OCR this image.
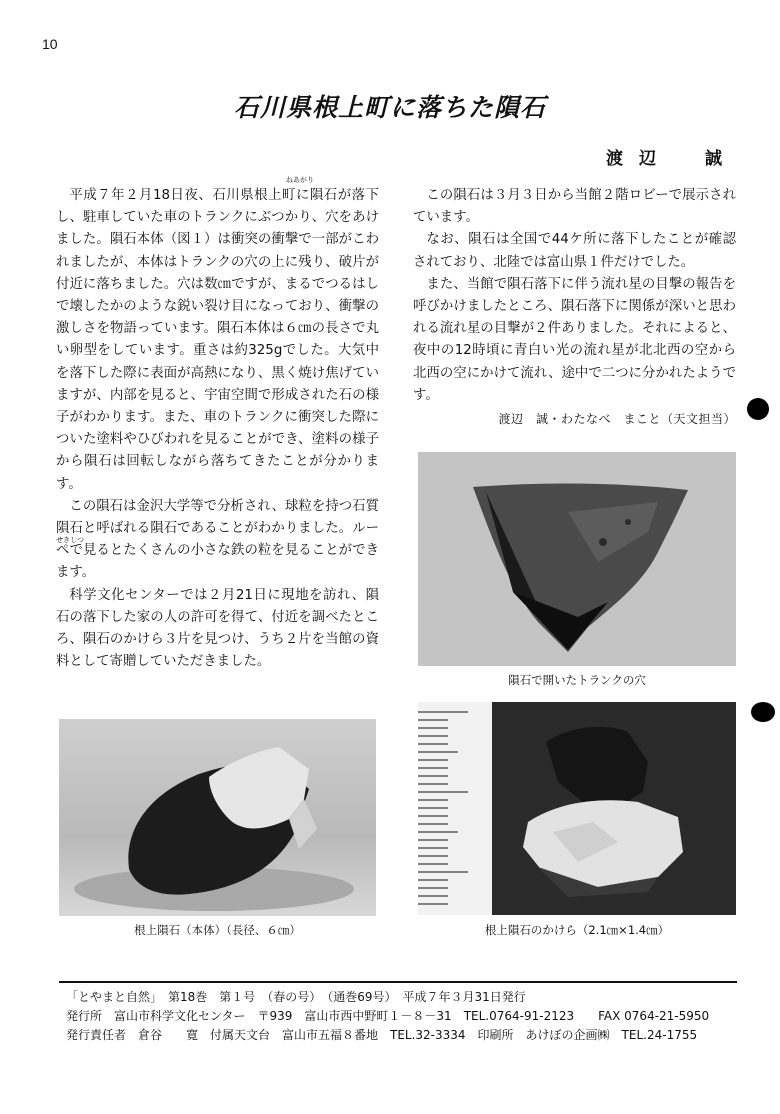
10
石川県根上町に落ちた隕石
渡辺　誠
ねあがり
せきしつ

平成７年２月18日夜、石川県根上町に隕石が落下し、駐車していた車のトランクにぶつかり、穴をあけました。隕石本体（図１）は衝突の衝撃で一部がこわれましたが、本体はトランクの穴の上に残り、破片が付近に落ちました。穴は数㎝ですが、まるでつるはしで壊したかのような鋭い裂け目になっており、衝撃の激しさを物語っています。隕石本体は６㎝の長さで丸い卵型をしています。重さは約325gでした。大気中を落下した際に表面が高熱になり、黒く焼け焦げていますが、内部を見ると、宇宙空間で形成された石の様子がわかります。また、車のトランクに衝突した際についた塗料やひびわれを見ることができ、塗料の様子から隕石は回転しながら落ちてきたことが分かります。

この隕石は金沢大学等で分析され、球粒を持つ石質隕石と呼ばれる隕石であることがわかりました。ルーペで見るとたくさんの小さな鉄の粒を見ることができます。

科学文化センターでは２月21日に現地を訪れ、隕石の落下した家の人の許可を得て、付近を調べたところ、隕石のかけら３片を見つけ、うち２片を当館の資料として寄贈していただきました。

この隕石は３月３日から当館２階ロビーで展示されています。

なお、隕石は全国で44ケ所に落下したことが確認されており、北陸では富山県１件だけでした。

また、当館で隕石落下に伴う流れ星の目撃の報告を呼びかけましたところ、隕石落下に関係が深いと思われる流れ星の目撃が２件ありました。それによると、夜中の12時頃に青白い光の流れ星が北北西の空から北西の空にかけて流れ、途中で二つに分かれたようです。

渡辺　誠・わたなべ　まこと（天文担当）
隕石で開いたトランクの穴
根上隕石（本体）（長径、６㎝）	根上隕石のかけら（2.1㎝×1.4㎝）
「とやまと自然」　第18巻　第１号　（春の号）　（通巻69号）　平成７年３月31日発行
発行所　富山市科学文化センター　〒939　富山市西中野町１－８－31　TEL.0764-91-2123　　FAX 0764-21-5950
発行責任者　倉谷　　寛　付属天文台　富山市五福８番地　TEL.32-3334　印刷所　あけぼの企画㈱　TEL.24-1755
